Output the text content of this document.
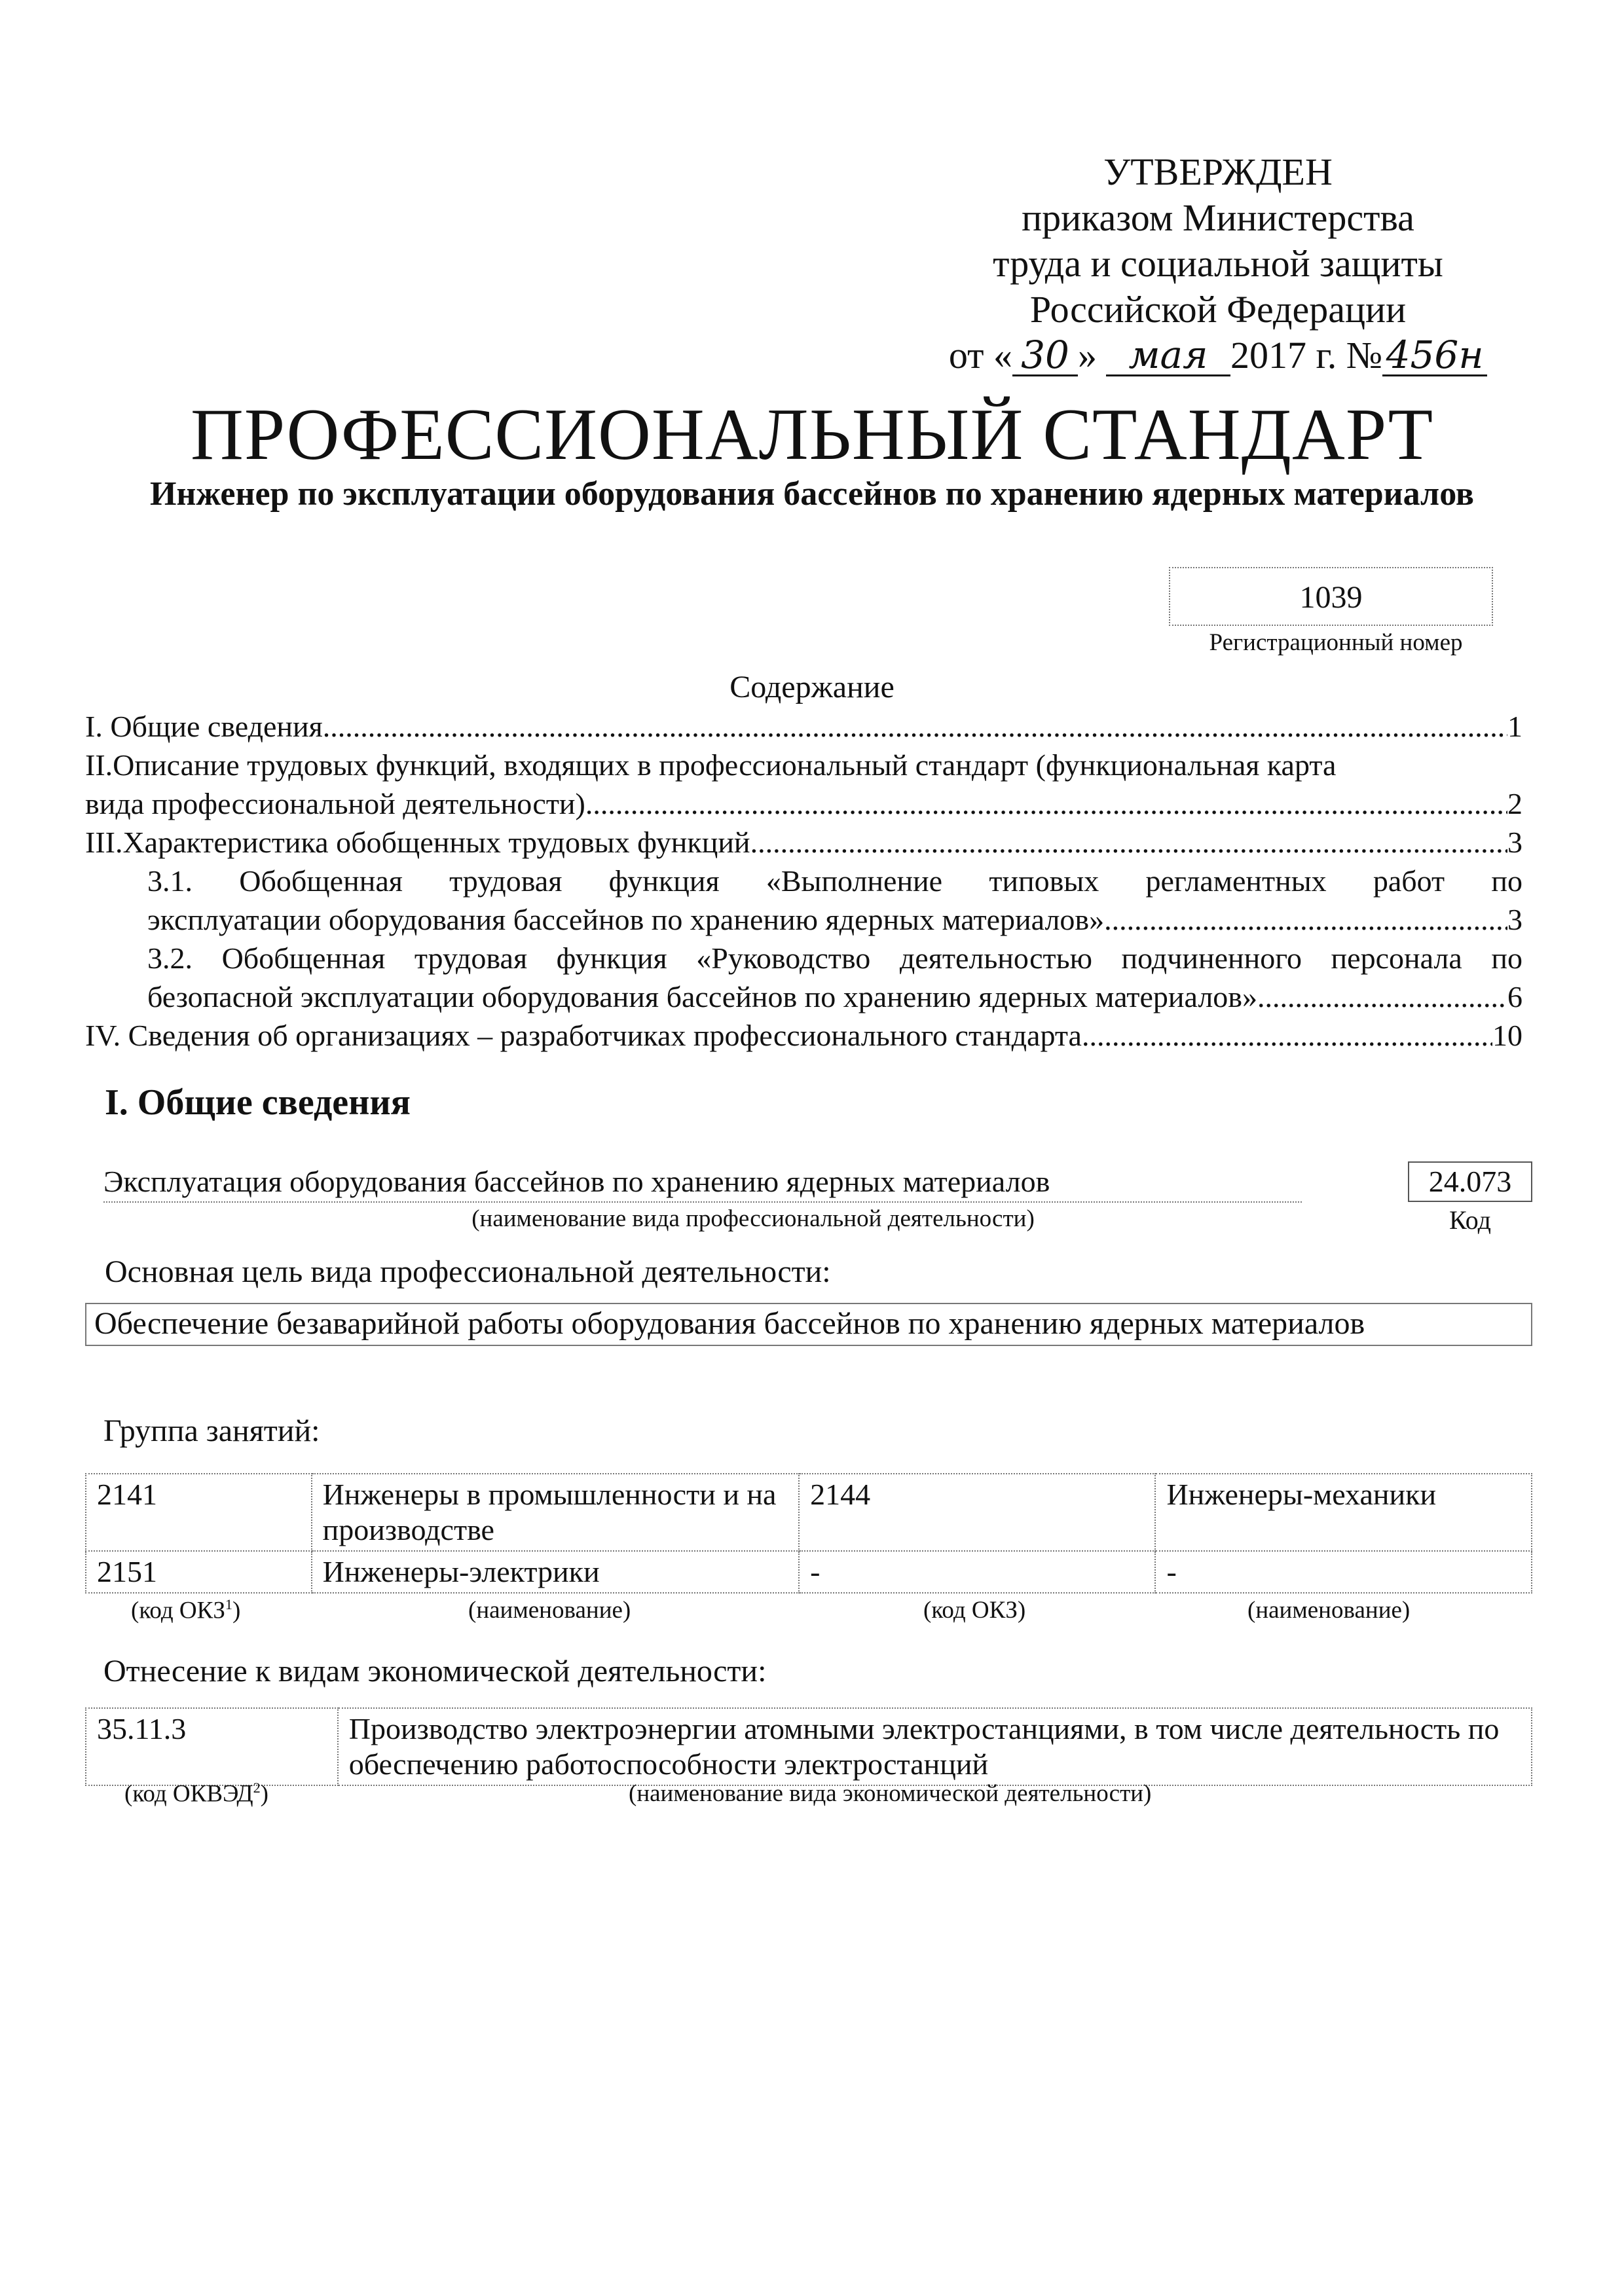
УТВЕРЖДЕН
приказом Министерства
труда и социальной защиты
Российской Федерации
от « 30 » мая 2017 г. №456н
ПРОФЕССИОНАЛЬНЫЙ СТАНДАРТ
Инженер по эксплуатации оборудования бассейнов по хранению ядерных материалов
1039
Регистрационный номер
Содержание
I. Общие сведения .....	1
II.Описание трудовых функций, входящих в профессиональный стандарт (функциональная карта
вида профессиональной деятельности) .....	2
III.Характеристика обобщенных трудовых функций .....	3
3.1. Обобщенная трудовая функция «Выполнение типовых регламентных работ по
эксплуатации оборудования бассейнов по хранению ядерных материалов» .....	3
3.2. Обобщенная трудовая функция «Руководство деятельностью подчиненного персонала по
безопасной эксплуатации оборудования бассейнов по хранению ядерных материалов» .....	6
IV. Сведения об организациях – разработчиках профессионального стандарта .....	10
I. Общие сведения
Эксплуатация оборудования бассейнов по хранению ядерных материалов
(наименование вида профессиональной деятельности)
24.073
Код
Основная цель вида профессиональной деятельности:
Обеспечение безаварийной работы оборудования бассейнов по хранению ядерных материалов
Группа занятий:
2141	Инженеры в промышленности и на производстве	2144	Инженеры-механики
2151	Инженеры-электрики	-	-
(код ОКЗ$^1$)	(наименование)	(код ОКЗ)	(наименование)
Отнесение к видам экономической деятельности:
35.11.3	Производство электроэнергии атомными электростанциями, в том числе деятельность по обеспечению работоспособности электростанций
(код ОКВЭД$^2$)	(наименование вида экономической деятельности)
